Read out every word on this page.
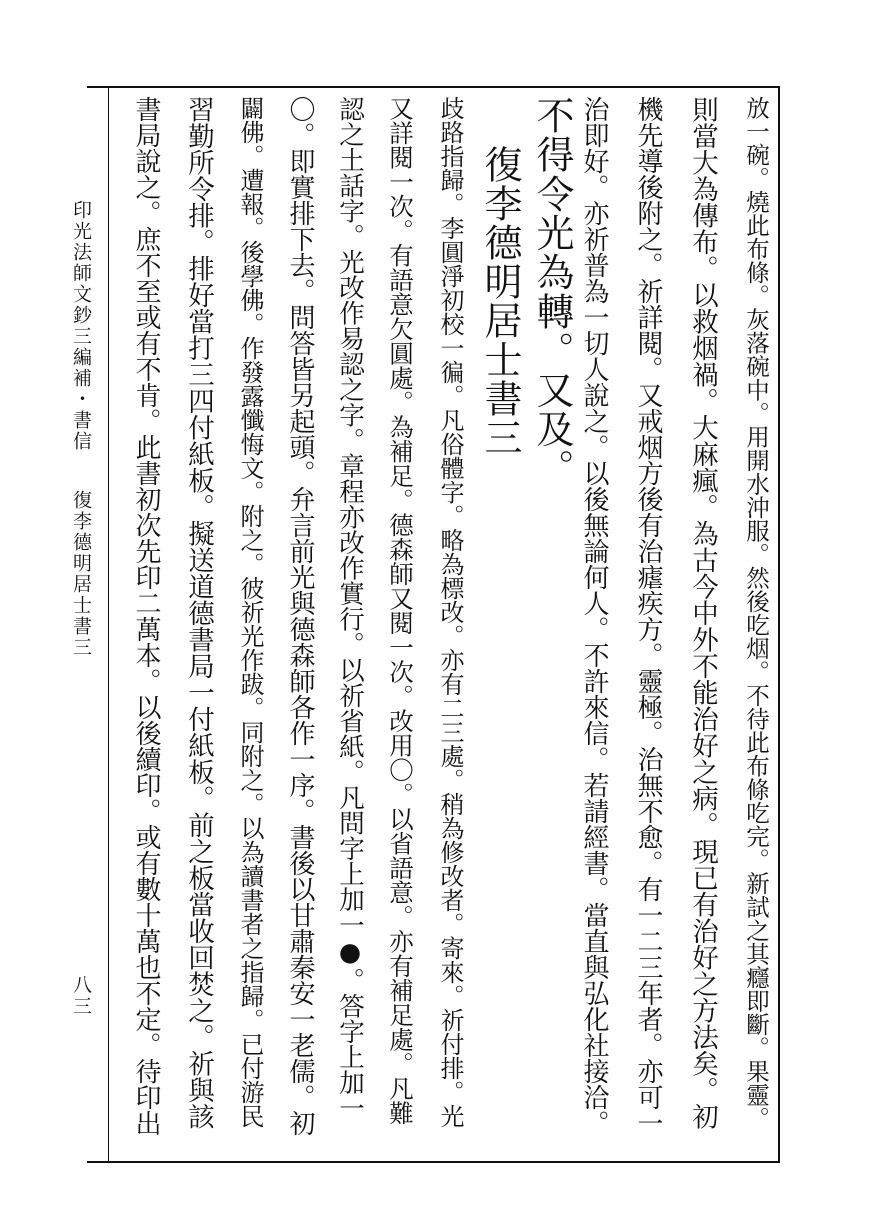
放一碗。燒此布條。灰落碗中。用開水沖服。然後吃烟。不待此布條吃完。新試之其癮即斷。果靈。
則當大為傳布。以救烟禍。大麻瘋。為古今中外不能治好之病。現已有治好之方法矣。初
機先導後附之。祈詳閱。又戒烟方後有治瘧疾方。靈極。治無不愈。有一二三年者。亦可一
治即好。亦祈普為一切人說之。以後無論何人。不許來信。若請經書。當直與弘化社接洽。
不得令光為轉。又及。
復李德明居士書三
歧路指歸。李圓淨初校一徧。凡俗體字。略為標改。亦有二三處。稍為修改者。寄來。祈付排。光
又詳閱一次。有語意欠圓處。為補足。德森師又閱一次。改用〇。以省語意。亦有補足處。凡難
認之土話字。光改作易認之字。章程亦改作實行。以祈省紙。凡問字上加一●。答字上加一
〇。即實排下去。問答皆另起頭。弁言前光與德森師各作一序。書後以甘肅秦安一老儒。初
闢佛。遭報。後學佛。作發露懺悔文。附之。彼祈光作跋。同附之。以為讀書者之指歸。已付游民
習勤所令排。排好當打三四付紙板。擬送道德書局一付紙板。前之板當收回焚之。祈與該
書局說之。庶不至或有不肯。此書初次先印二萬本。以後續印。或有數十萬也不定。待印出
印光法師文鈔三編補・書信
復李德明居士書三
八三
